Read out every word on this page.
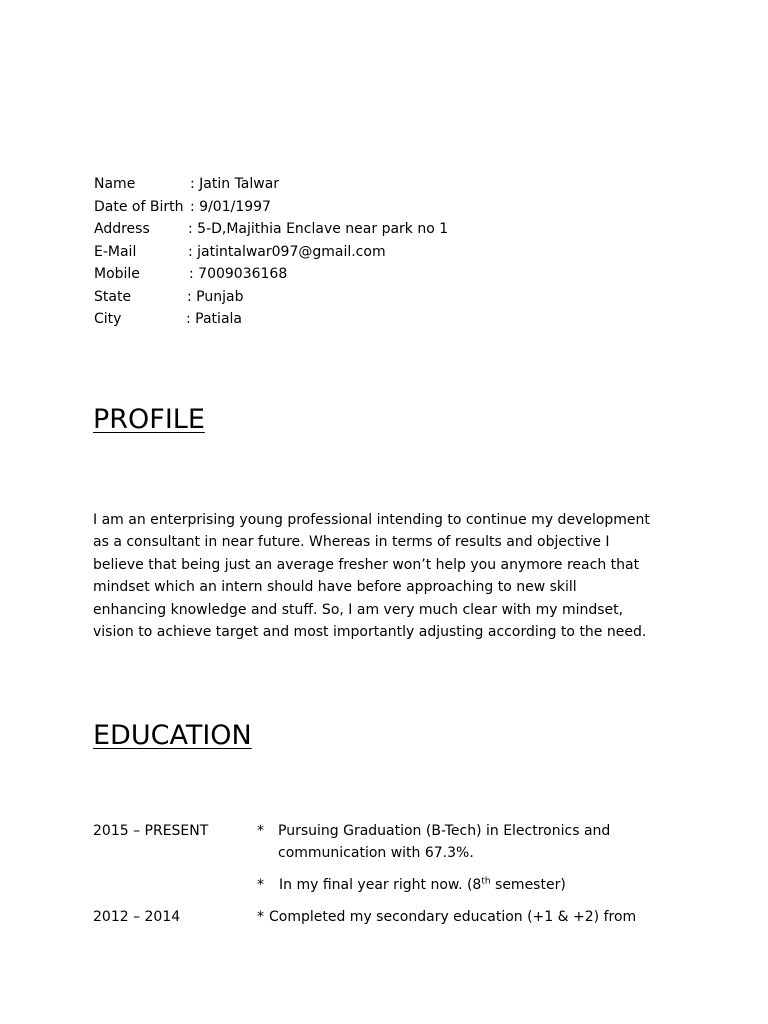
Name	: Jatin Talwar
Date of Birth : 9/01/1997
Address	: 5-D,Majithia Enclave near park no 1
E-Mail	: jatintalwar097@gmail.com
Mobile	: 7009036168
State	: Punjab
City	: Patiala
PROFILE
I am an enterprising young professional intending to continue my development
as a consultant in near future. Whereas in terms of results and objective I
believe that being just an average fresher won’t help you anymore reach that
mindset which an intern should have before approaching to new skill
enhancing knowledge and stuff. So, I am very much clear with my mindset,
vision to achieve target and most importantly adjusting according to the need.
EDUCATION
2015 – PRESENT	* Pursuing Graduation (B-Tech) in Electronics and
communication with 67.3%.
* In my final year right now. (8th semester)
2012 – 2014	* Completed my secondary education (+1 & +2) from
